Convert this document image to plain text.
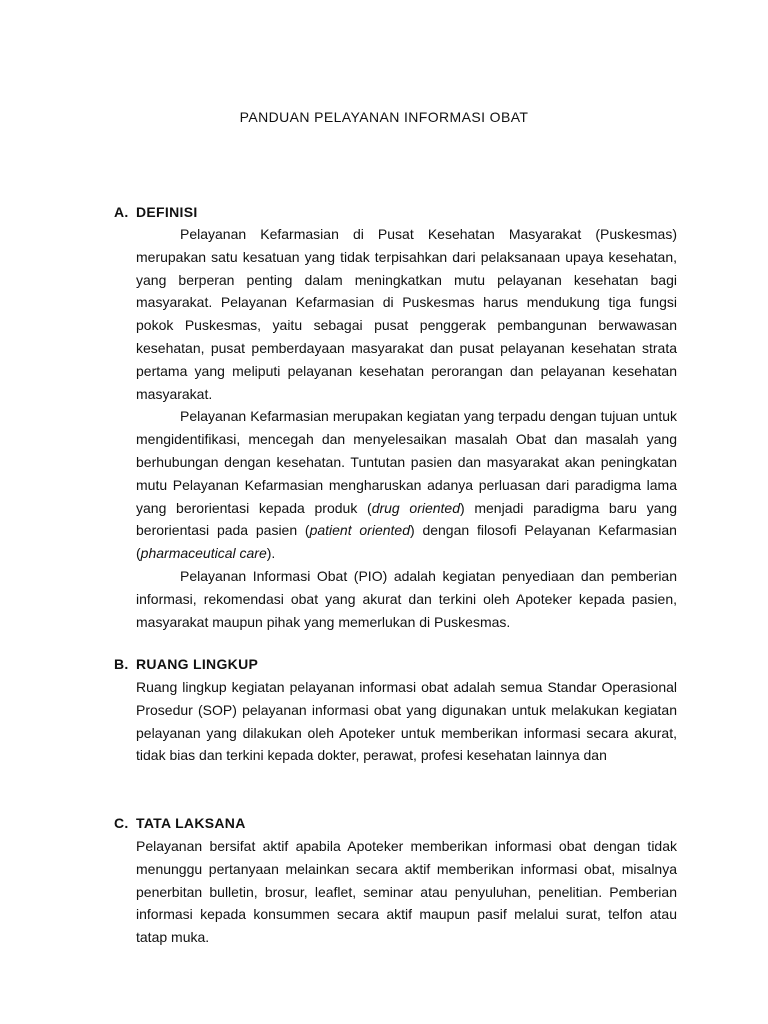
PANDUAN PELAYANAN INFORMASI OBAT
A. DEFINISI

Pelayanan Kefarmasian di Pusat Kesehatan Masyarakat (Puskesmas) merupakan satu kesatuan yang tidak terpisahkan dari pelaksanaan upaya kesehatan, yang berperan penting dalam meningkatkan mutu pelayanan kesehatan bagi masyarakat. Pelayanan Kefarmasian di Puskesmas harus mendukung tiga fungsi pokok Puskesmas, yaitu sebagai pusat penggerak pembangunan berwawasan kesehatan, pusat pemberdayaan masyarakat dan pusat pelayanan kesehatan strata pertama yang meliputi pelayanan kesehatan perorangan dan pelayanan kesehatan masyarakat.

Pelayanan Kefarmasian merupakan kegiatan yang terpadu dengan tujuan untuk mengidentifikasi, mencegah dan menyelesaikan masalah Obat dan masalah yang berhubungan dengan kesehatan. Tuntutan pasien dan masyarakat akan peningkatan mutu Pelayanan Kefarmasian mengharuskan adanya perluasan dari paradigma lama yang berorientasi kepada produk (drug oriented) menjadi paradigma baru yang berorientasi pada pasien (patient oriented) dengan filosofi Pelayanan Kefarmasian (pharmaceutical care).

Pelayanan Informasi Obat (PIO) adalah kegiatan penyediaan dan pemberian informasi, rekomendasi obat yang akurat dan terkini oleh Apoteker kepada pasien, masyarakat maupun pihak yang memerlukan di Puskesmas.

B. RUANG LINGKUP

Ruang lingkup kegiatan pelayanan informasi obat adalah semua Standar Operasional Prosedur (SOP) pelayanan informasi obat yang digunakan untuk melakukan kegiatan pelayanan yang dilakukan oleh Apoteker untuk memberikan informasi secara akurat, tidak bias dan terkini kepada dokter, perawat, profesi kesehatan lainnya dan

C. TATA LAKSANA

Pelayanan bersifat aktif apabila Apoteker memberikan informasi obat dengan tidak menunggu pertanyaan melainkan secara aktif memberikan informasi obat, misalnya penerbitan bulletin, brosur, leaflet, seminar atau penyuluhan, penelitian. Pemberian informasi kepada konsummen secara aktif maupun pasif melalui surat, telfon atau tatap muka.
